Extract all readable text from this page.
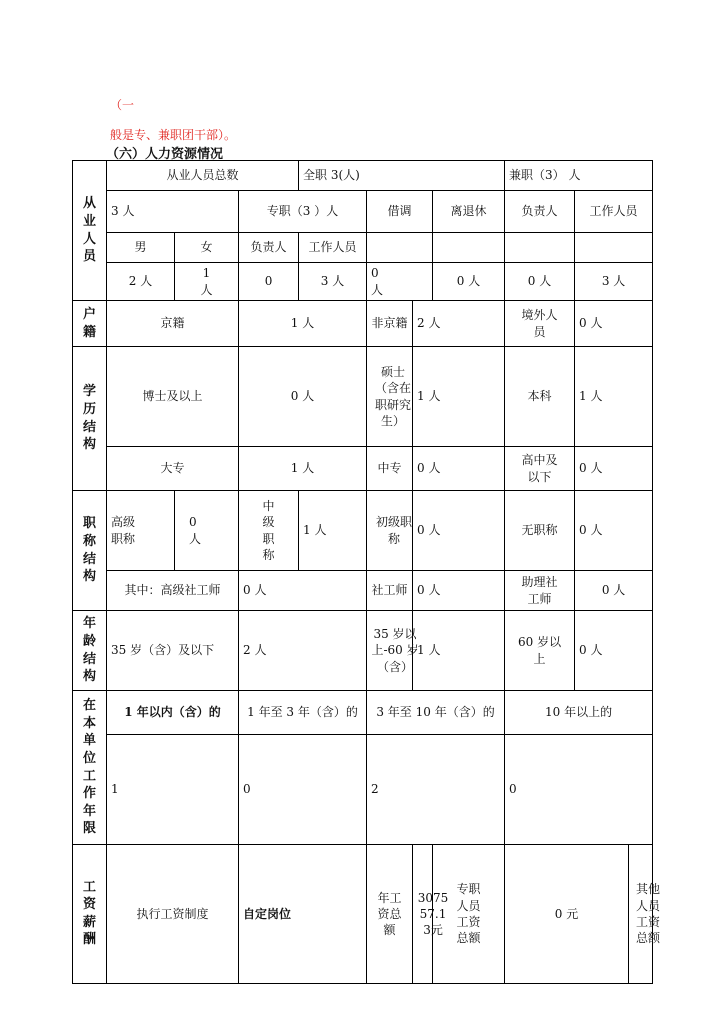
（一
般是专、兼职团干部）。
（六）人力资源情况
从业人员	从业人员总数			全职 3(人)				兼职（3） 人			
	3 人		专职（3 ）人		借调		离退休	负责人	工作人员		
	男	女	负责人	工作人员							
	2 人	1 人	0	3 人	0 人		0 人	0 人	3 人		

户籍	京籍		1 人		非京籍	2 人		境外人员	0 人		

学历结构	博士及以上		0 人		硕士（含在职研究生）	1 人		本科	1 人		
	大专		1 人		中专	0 人		高中及以下	0 人		

职称结构	高级职称	0 人	中级职称	1 人	初级职称	0 人		无职称	0 人		
	其中：高级社工师		0 人		社工师	0 人		助理社工师	0 人		

年龄结构	35 岁（含）及以下		2 人		35 岁以上-60 岁（含）	1 人		60 岁以上	0 人		

在本单位工作年限	1 年以内（含）的		1 年至 3 年（含）的		3 年至 10 年（含）的			10 年以上的			
	1		0		2			0			

工资薪酬	执行工资制度		自定岗位		年工资总额	307557.13元	专职人员工资总额	0 元		其他人员工资总额
